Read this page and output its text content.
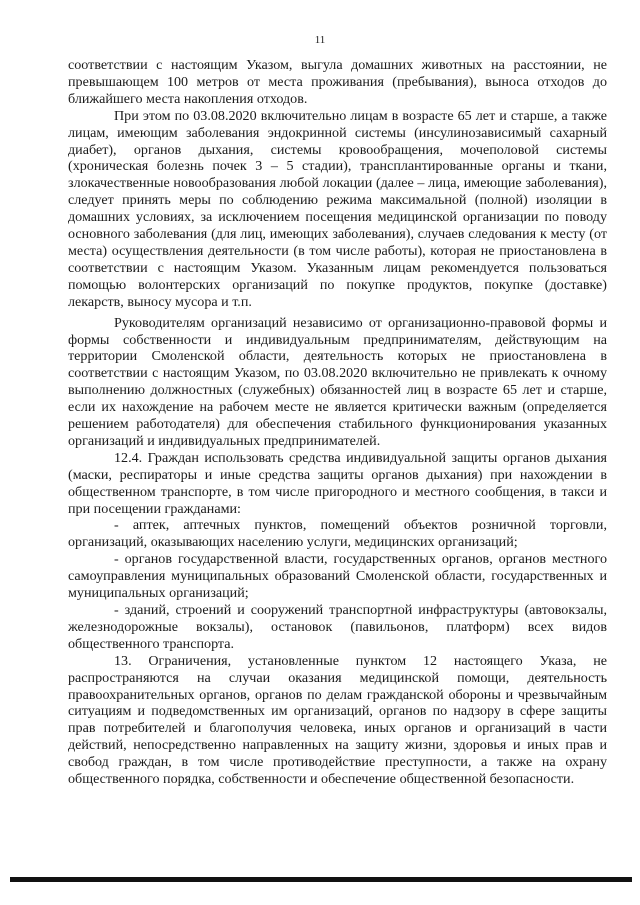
11

соответствии с настоящим Указом, выгула домашних животных на расстоянии, не превышающем 100 метров от места проживания (пребывания), выноса отходов до ближайшего места накопления отходов.

При этом по 03.08.2020 включительно лицам в возрасте 65 лет и старше, а также лицам, имеющим заболевания эндокринной системы (инсулинозависимый сахарный диабет), органов дыхания, системы кровообращения, мочеполовой системы (хроническая болезнь почек 3 – 5 стадии), трансплантированные органы и ткани, злокачественные новообразования любой локации (далее – лица, имеющие заболевания), следует принять меры по соблюдению режима максимальной (полной) изоляции в домашних условиях, за исключением посещения медицинской организации по поводу основного заболевания (для лиц, имеющих заболевания), случаев следования к месту (от места) осуществления деятельности (в том числе работы), которая не приостановлена в соответствии с настоящим Указом. Указанным лицам рекомендуется пользоваться помощью волонтерских организаций по покупке продуктов, покупке (доставке) лекарств, выносу мусора и т.п.

Руководителям организаций независимо от организационно-правовой формы и формы собственности и индивидуальным предпринимателям, действующим на территории Смоленской области, деятельность которых не приостановлена в соответствии с настоящим Указом, по 03.08.2020 включительно не привлекать к очному выполнению должностных (служебных) обязанностей лиц в возрасте 65 лет и старше, если их нахождение на рабочем месте не является критически важным (определяется решением работодателя) для обеспечения стабильного функционирования указанных организаций и индивидуальных предпринимателей.

12.4. Граждан использовать средства индивидуальной защиты органов дыхания (маски, респираторы и иные средства защиты органов дыхания) при нахождении в общественном транспорте, в том числе пригородного и местного сообщения, в такси и при посещении гражданами:

- аптек, аптечных пунктов, помещений объектов розничной торговли, организаций, оказывающих населению услуги, медицинских организаций;

- органов государственной власти, государственных органов, органов местного самоуправления муниципальных образований Смоленской области, государственных и муниципальных организаций;

- зданий, строений и сооружений транспортной инфраструктуры (автовокзалы, железнодорожные вокзалы), остановок (павильонов, платформ) всех видов общественного транспорта.

13. Ограничения, установленные пунктом 12 настоящего Указа, не распространяются на случаи оказания медицинской помощи, деятельность правоохранительных органов, органов по делам гражданской обороны и чрезвычайным ситуациям и подведомственных им организаций, органов по надзору в сфере защиты прав потребителей и благополучия человека, иных органов и организаций в части действий, непосредственно направленных на защиту жизни, здоровья и иных прав и свобод граждан, в том числе противодействие преступности, а также на охрану общественного порядка, собственности и обеспечение общественной безопасности.
